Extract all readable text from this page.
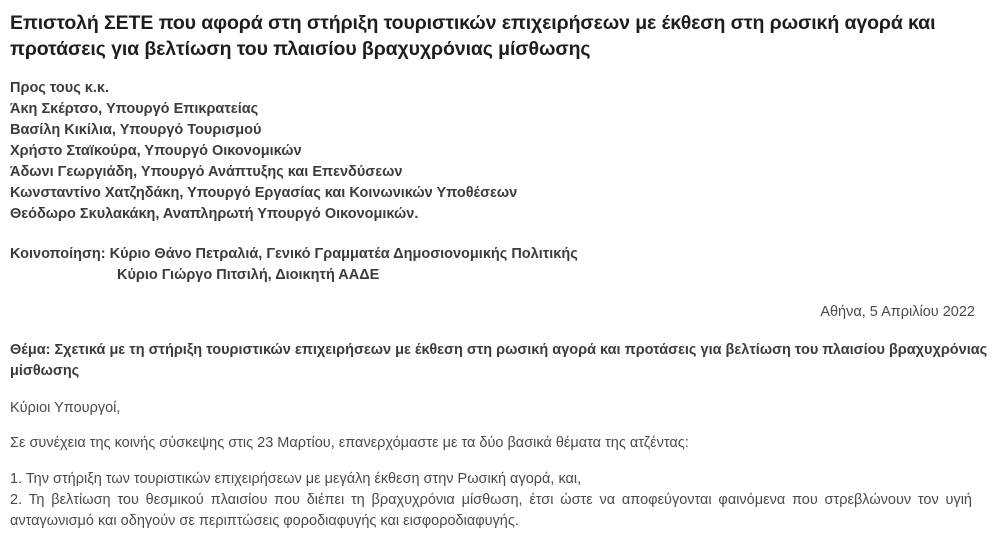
Επιστολή ΣΕΤΕ που αφορά στη στήριξη τουριστικών επιχειρήσεων με έκθεση στη ρωσική αγορά και προτάσεις για βελτίωση του πλαισίου βραχυχρόνιας μίσθωσης
Προς τους κ.κ.
Άκη Σκέρτσο, Υπουργό Επικρατείας
Βασίλη Κικίλια, Υπουργό Τουρισμού
Χρήστο Σταϊκούρα, Υπουργό Οικονομικών
Άδωνι Γεωργιάδη, Υπουργό Ανάπτυξης και Επενδύσεων
Κωνσταντίνο Χατζηδάκη, Υπουργό Εργασίας και Κοινωνικών Υποθέσεων
Θεόδωρο Σκυλακάκη, Αναπληρωτή Υπουργό Οικονομικών.
Κοινοποίηση: Κύριο Θάνο Πετραλιά, Γενικό Γραμματέα Δημοσιονομικής Πολιτικής
Κύριο Γιώργο Πιτσιλή, Διοικητή ΑΑΔΕ
Αθήνα, 5 Απριλίου 2022
Θέμα: Σχετικά με τη στήριξη τουριστικών επιχειρήσεων με έκθεση στη ρωσική αγορά και προτάσεις για βελτίωση του πλαισίου βραχυχρόνιας μίσθωσης
Κύριοι Υπουργοί,
Σε συνέχεια της κοινής σύσκεψης στις 23 Μαρτίου, επανερχόμαστε με τα δύο βασικά θέματα της ατζέντας:
1. Την στήριξη των τουριστικών επιχειρήσεων με μεγάλη έκθεση στην Ρωσική αγορά, και,
2. Τη βελτίωση του θεσμικού πλαισίου που διέπει τη βραχυχρόνια μίσθωση, έτσι ώστε να αποφεύγονται φαινόμενα που στρεβλώνουν τον υγιή ανταγωνισμό και οδηγούν σε περιπτώσεις φοροδιαφυγής και εισφοροδιαφυγής.
